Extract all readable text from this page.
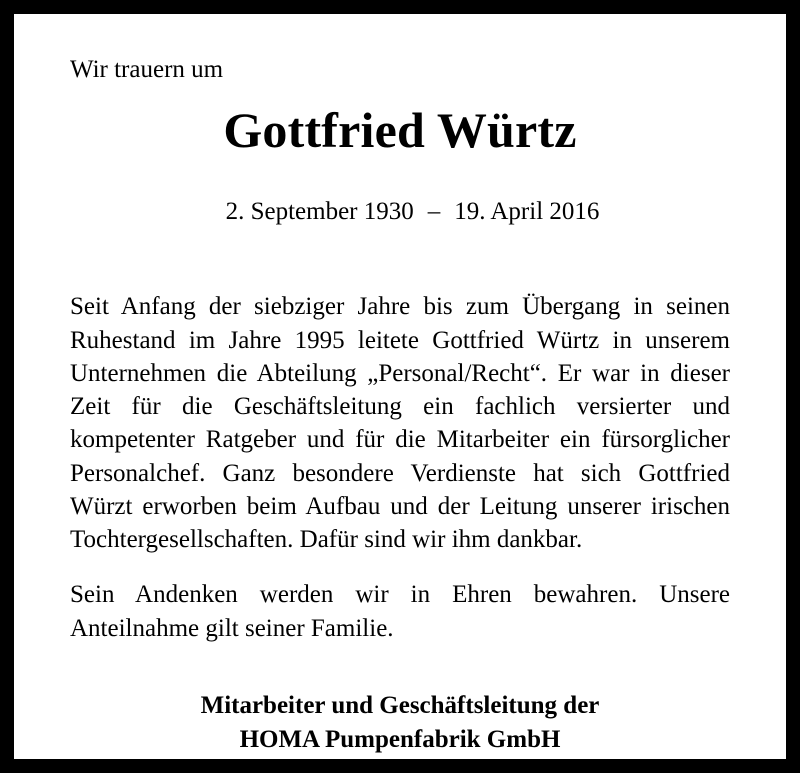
Wir trauern um
Gottfried Würtz

2. September 1930 – 19. April 2016

Seit Anfang der siebziger Jahre bis zum Übergang in seinen Ruhestand im Jahre 1995 leitete Gottfried Würtz in unserem Unternehmen die Abteilung „Personal/Recht“. Er war in dieser Zeit für die Geschäftsleitung ein fachlich versierter und kompetenter Ratgeber und für die Mitarbeiter ein fürsorglicher Personalchef. Ganz besondere Verdienste hat sich Gottfried Würzt erworben beim Aufbau und der Leitung unserer irischen Tochtergesellschaften. Dafür sind wir ihm dankbar.

Sein Andenken werden wir in Ehren bewahren. Unsere Anteilnahme gilt seiner Familie.

Mitarbeiter und Geschäftsleitung der
HOMA Pumpenfabrik GmbH
